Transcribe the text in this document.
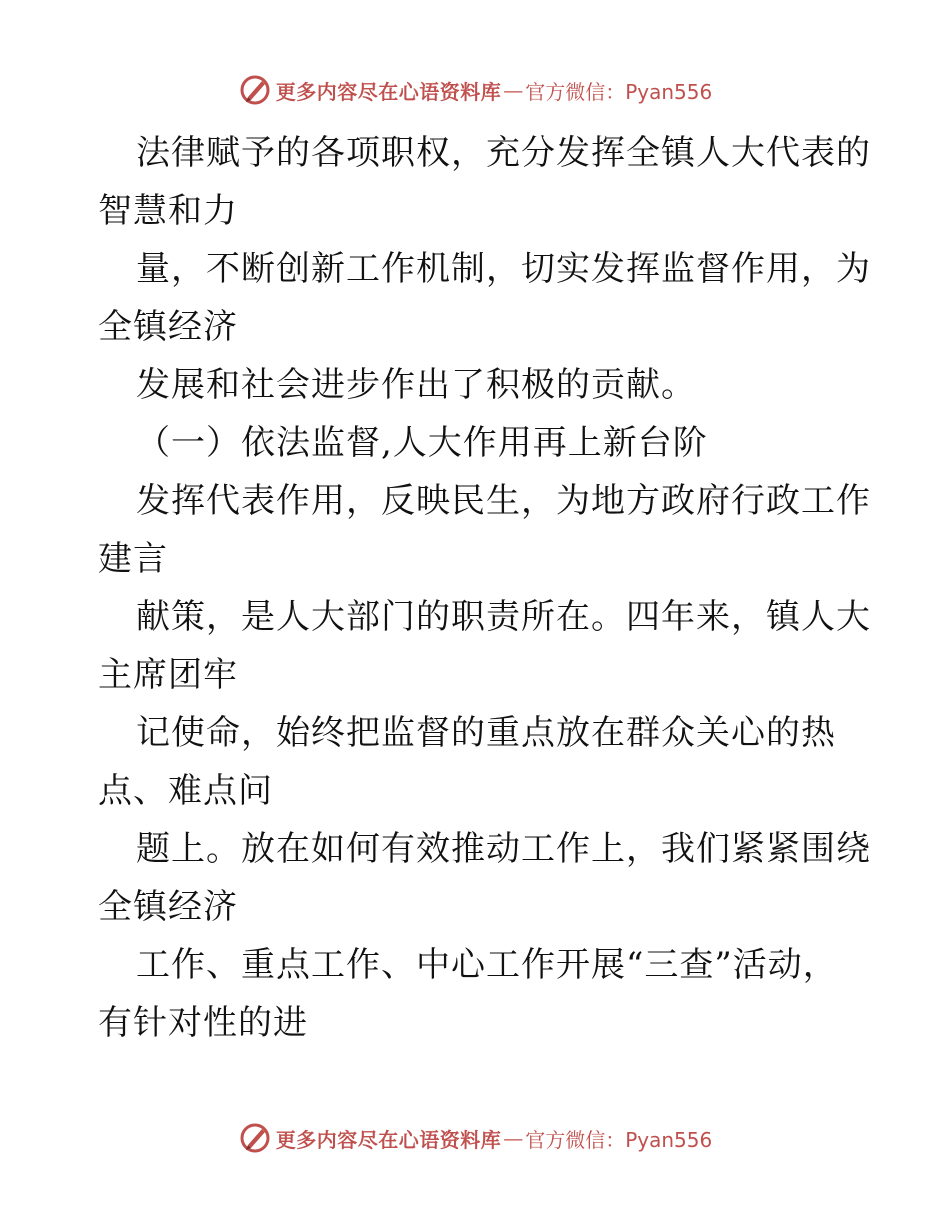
更多内容尽在心语资料库 — 官方微信：Pyan556
法律赋予的各项职权，充分发挥全镇人大代表的
智慧和力
量，不断创新工作机制，切实发挥监督作用，为
全镇经济
发展和社会进步作出了积极的贡献。
（一）依法监督,人大作用再上新台阶
发挥代表作用，反映民生，为地方政府行政工作
建言
献策，是人大部门的职责所在。四年来，镇人大
主席团牢
记使命，始终把监督的重点放在群众关心的热
点、难点问
题上。放在如何有效推动工作上，我们紧紧围绕
全镇经济
工作、重点工作、中心工作开展“三查”活动，
有针对性的进
更多内容尽在心语资料库 — 官方微信：Pyan556
